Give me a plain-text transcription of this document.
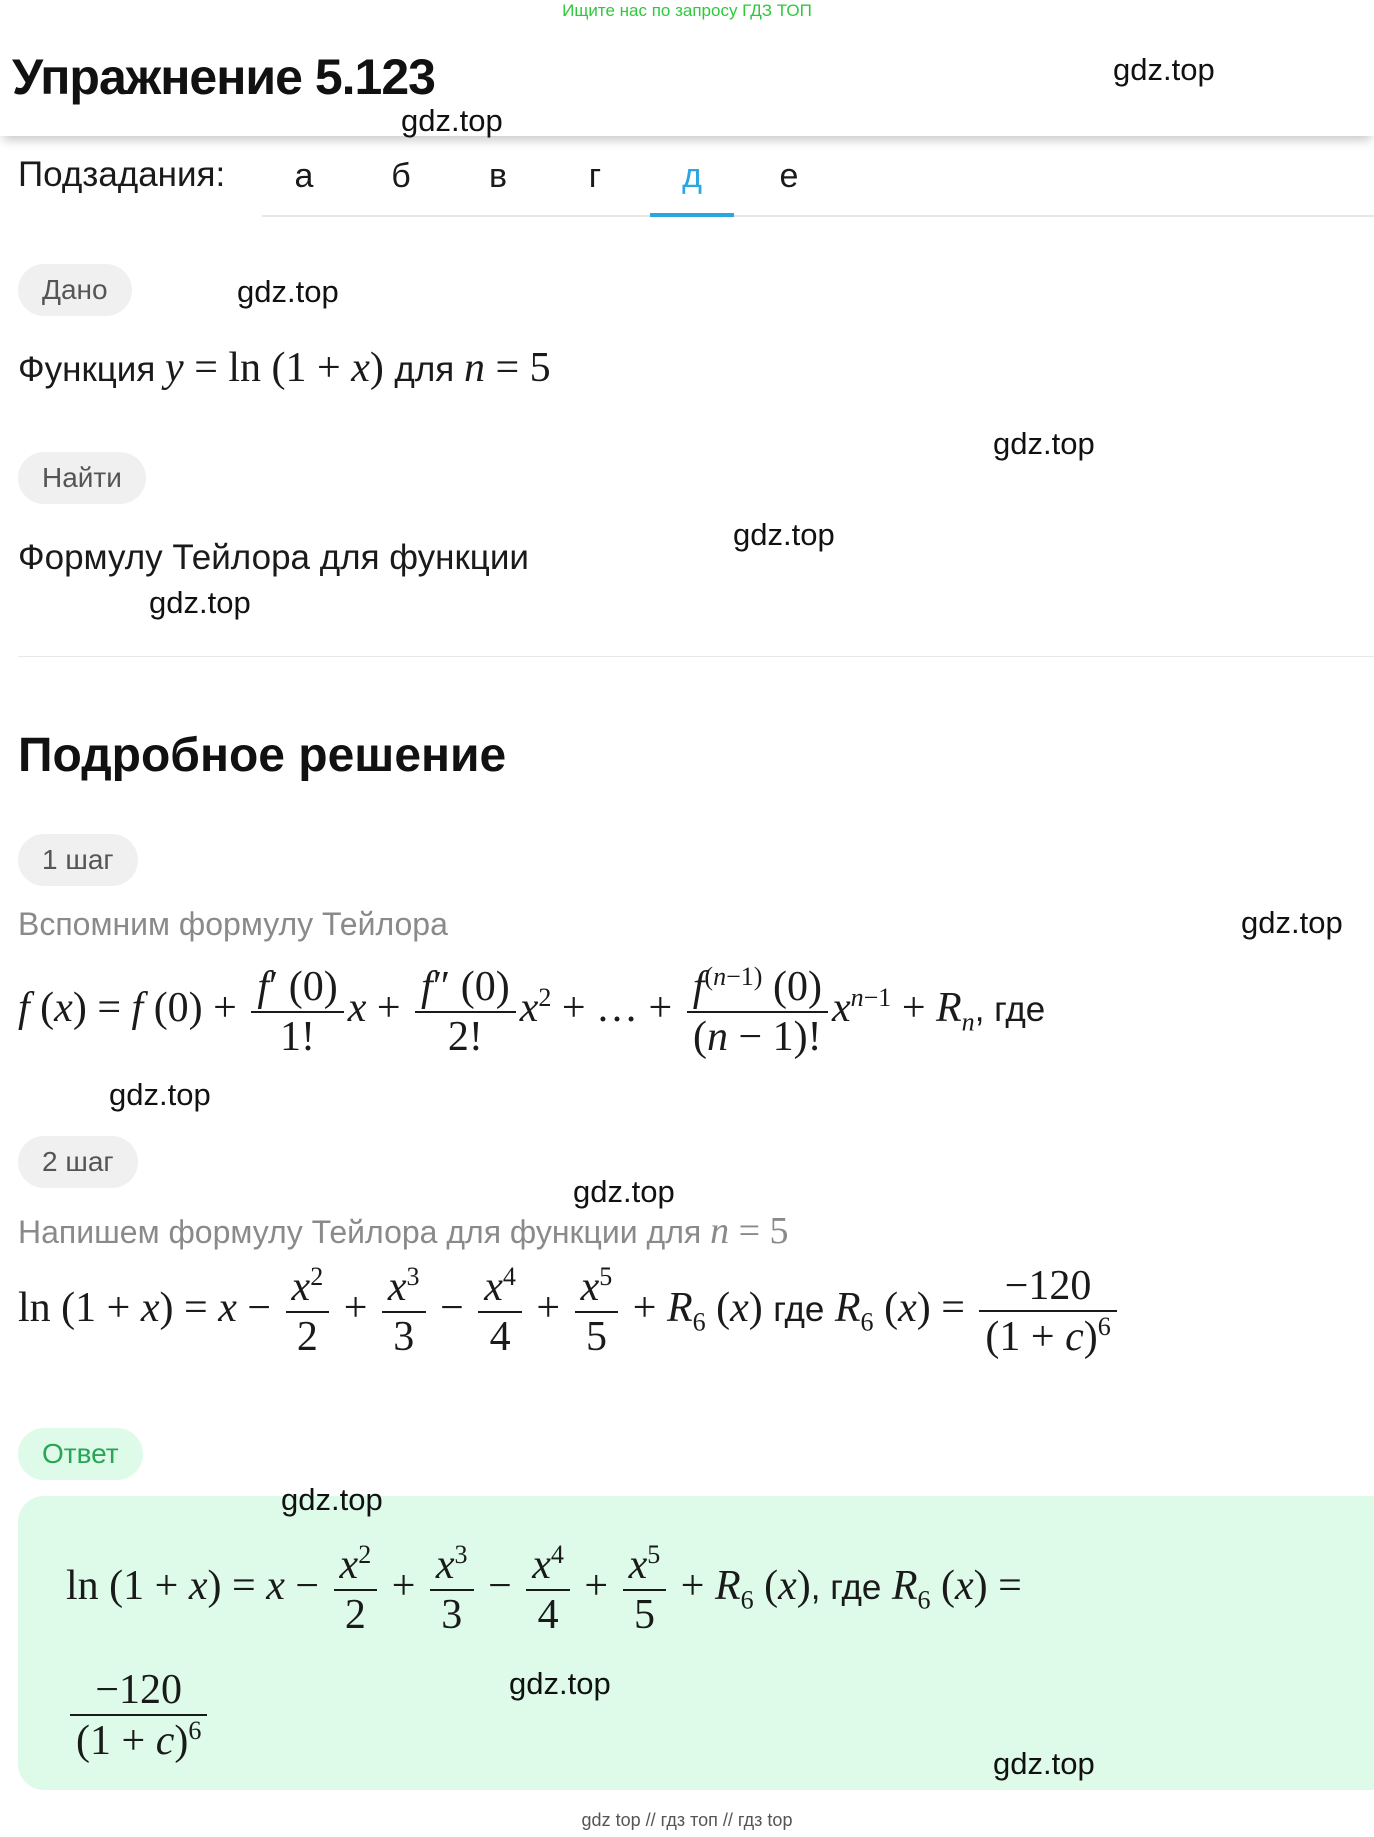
Ищите нас по запросу ГДЗ ТОП
Упражнение 5.123	gdz.top
gdz.top
gdz.top
gdz.top
gdz.top
gdz.top
gdz.top
gdz.top
gdz.top
gdz.top
gdz.top
gdz.top
Подзадания:	а	б	в	г	д	е
Дано
Функция y = ln (1 + x) для n = 5
Найти
Формулу Тейлора для функции
Подробное решение
1 шаг
Вспомним формулу Тейлора
f (x) = f $(0) + \frac{f' (0)}{1!}$ $x + \frac{f'' (0)}{2!} x^2$ + … + $\frac{f^{(n-1)} (0)}{(n - 1)!} x^{n-1} + R_n$, где
2 шаг
Напишем формулу Тейлора для функции для n = 5
$\ln (1 + x) = x - \frac{x^2}{2} + \frac{x^3}{3} - \frac{x^4}{4} + \frac{x^5}{5} + R_6$ (x) где $R_6$ $(x) = \frac{-120}{(1 + c)^6}$
Ответ
$\ln (1 + x) = x - \frac{x^2}{2} + \frac{x^3}{3} - \frac{x^4}{4} + \frac{x^5}{5} + R_6$ (x), где $R_6$ (x) =
$\frac{-120}{(1 + c)^6}$
gdz top // гдз топ // гдз top
